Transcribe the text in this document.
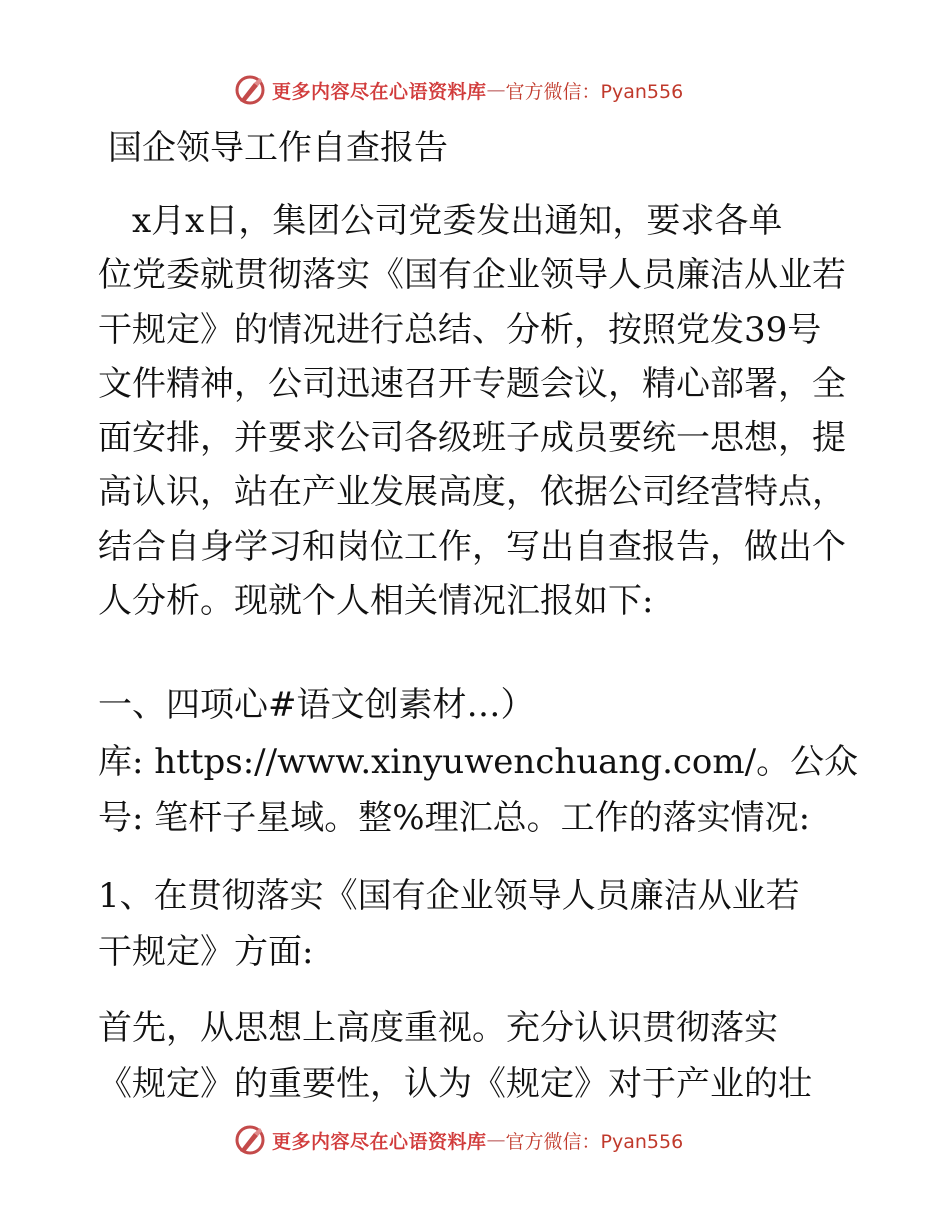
更多内容尽在心语资料库 — 官方微信：Pyan556
国企领导工作自查报告
　x月x日，集团公司党委发出通知，要求各单
位党委就贯彻落实《国有企业领导人员廉洁从业若
干规定》的情况进行总结、分析，按照党发39号
文件精神，公司迅速召开专题会议，精心部署，全
面安排，并要求公司各级班子成员要统一思想，提
高认识，站在产业发展高度，依据公司经营特点，
结合自身学习和岗位工作，写出自查报告，做出个
人分析。现就个人相关情况汇报如下:
一、四项心#语文创素材…）
库: https://www.xinyuwenchuang.com/。公众
号: 笔杆子星域。整%理汇总。工作的落实情况:
1、在贯彻落实《国有企业领导人员廉洁从业若
干规定》方面:
首先，从思想上高度重视。充分认识贯彻落实
《规定》的重要性，认为《规定》对于产业的壮
更多内容尽在心语资料库 — 官方微信：Pyan556
